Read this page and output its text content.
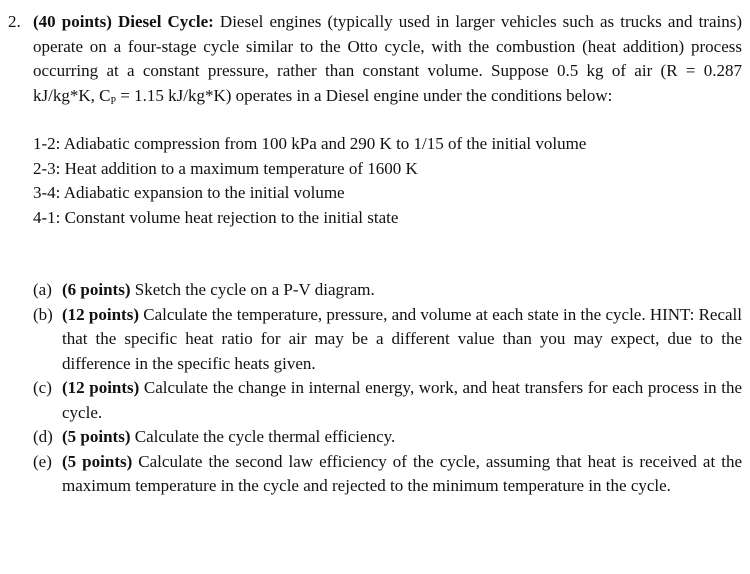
2. (40 points) Diesel Cycle: Diesel engines (typically used in larger vehicles such as trucks and trains) operate on a four-stage cycle similar to the Otto cycle, with the combustion (heat addition) process occurring at a constant pressure, rather than constant volume. Suppose 0.5 kg of air (R = 0.287 kJ/kg*K, $C_P = 1.15$ kJ/kg*K) operates in a Diesel engine under the conditions below:
1-2: Adiabatic compression from 100 kPa and 290 K to 1/15 of the initial volume
2-3: Heat addition to a maximum temperature of 1600 K
3-4: Adiabatic expansion to the initial volume
4-1: Constant volume heat rejection to the initial state
(a) (6 points) Sketch the cycle on a P-V diagram.
(b) (12 points) Calculate the temperature, pressure, and volume at each state in the cycle. HINT: Recall that the specific heat ratio for air may be a different value than you may expect, due to the difference in the specific heats given.
(c) (12 points) Calculate the change in internal energy, work, and heat transfers for each process in the cycle.
(d) (5 points) Calculate the cycle thermal efficiency.
(e) (5 points) Calculate the second law efficiency of the cycle, assuming that heat is received at the maximum temperature in the cycle and rejected to the minimum temperature in the cycle.
